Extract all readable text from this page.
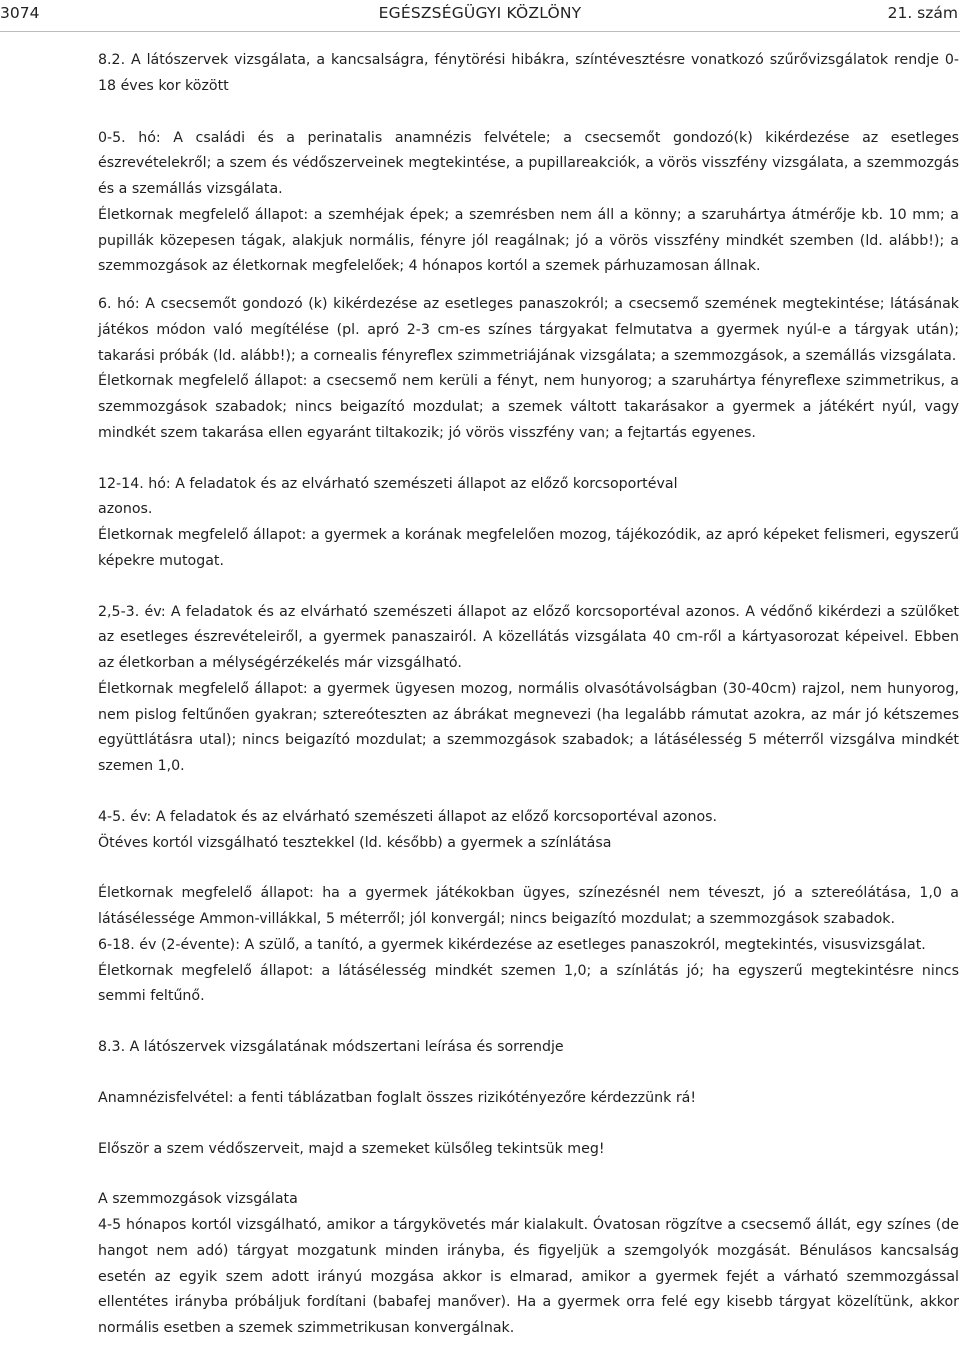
3074	EGÉSZSÉGÜGYI KÖZLÖNY	21. szám
8.2. A látószervek vizsgálata, a kancsalságra, fénytörési hibákra, színtévesztésre vonatkozó szűrővizsgálatok rendje 0-18 éves kor között
0-5. hó: A családi és a perinatalis anamnézis felvétele; a csecsemőt gondozó(k) kikérdezése az esetleges észrevételekről; a szem és védőszerveinek megtekintése, a pupillareakciók, a vörös visszfény vizsgálata, a szemmozgás és a szemállás vizsgálata.
Életkornak megfelelő állapot: a szemhéjak épek; a szemrésben nem áll a könny; a szaruhártya átmérője kb. 10 mm; a pupillák közepesen tágak, alakjuk normális, fényre jól reagálnak; jó a vörös visszfény mindkét szemben (ld. alább!); a szemmozgások az életkornak megfelelőek; 4 hónapos kortól a szemek párhuzamosan állnak.
6. hó: A csecsemőt gondozó (k) kikérdezése az esetleges panaszokról; a csecsemő szemének megtekintése; látásának játékos módon való megítélése (pl. apró 2-3 cm-es színes tárgyakat felmutatva a gyermek nyúl-e a tárgyak után); takarási próbák (ld. alább!); a cornealis fényreflex szimmetriájának vizsgálata; a szemmozgások, a szemállás vizsgálata.
Életkornak megfelelő állapot: a csecsemő nem kerüli a fényt, nem hunyorog; a szaruhártya fényreflexe szimmetrikus, a szemmozgások szabadok; nincs beigazító mozdulat; a szemek váltott takarásakor a gyermek a játékért nyúl, vagy mindkét szem takarása ellen egyaránt tiltakozik; jó vörös visszfény van; a fejtartás egyenes.
12-14. hó: A feladatok és az elvárható szemészeti állapot az előző korcsoportéval
azonos.
Életkornak megfelelő állapot: a gyermek a korának megfelelően mozog, tájékozódik, az apró képeket felismeri, egyszerű képekre mutogat.
2,5-3. év: A feladatok és az elvárható szemészeti állapot az előző korcsoportéval azonos. A védőnő kikérdezi a szülőket az esetleges észrevételeiről, a gyermek panaszairól. A közellátás vizsgálata 40 cm-ről a kártyasorozat képeivel. Ebben az életkorban a mélységérzékelés már vizsgálható.
Életkornak megfelelő állapot: a gyermek ügyesen mozog, normális olvasótávolságban (30-40cm) rajzol, nem hunyorog, nem pislog feltűnően gyakran; sztereóteszten az ábrákat megnevezi (ha legalább rámutat azokra, az már jó kétszemes együttlátásra utal); nincs beigazító mozdulat; a szemmozgások szabadok; a látásélesség 5 méterről vizsgálva mindkét szemen 1,0.
4-5. év: A feladatok és az elvárható szemészeti állapot az előző korcsoportéval azonos.
Ötéves kortól vizsgálható tesztekkel (ld. később) a gyermek a színlátása
Életkornak megfelelő állapot: ha a gyermek játékokban ügyes, színezésnél nem téveszt, jó a sztereólátása, 1,0 a látásélessége Ammon-villákkal, 5 méterről; jól konvergál; nincs beigazító mozdulat; a szemmozgások szabadok.
6-18. év (2-évente): A szülő, a tanító, a gyermek kikérdezése az esetleges panaszokról, megtekintés, visusvizsgálat.
Életkornak megfelelő állapot: a látásélesség mindkét szemen 1,0; a színlátás jó; ha egyszerű megtekintésre nincs semmi feltűnő.
8.3. A látószervek vizsgálatának módszertani leírása és sorrendje
Anamnézisfelvétel: a fenti táblázatban foglalt összes rizikótényezőre kérdezzünk rá!
Először a szem védőszerveit, majd a szemeket külsőleg tekintsük meg!
A szemmozgások vizsgálata
4-5 hónapos kortól vizsgálható, amikor a tárgykövetés már kialakult. Óvatosan rögzítve a csecsemő állát, egy színes (de hangot nem adó) tárgyat mozgatunk minden irányba, és figyeljük a szemgolyók mozgását. Bénulásos kancsalság esetén az egyik szem adott irányú mozgása akkor is elmarad, amikor a gyermek fejét a várható szemmozgással ellentétes irányba próbáljuk fordítani (babafej manőver). Ha a gyermek orra felé egy kisebb tárgyat közelítünk, akkor normális esetben a szemek szimmetrikusan konvergálnak.
